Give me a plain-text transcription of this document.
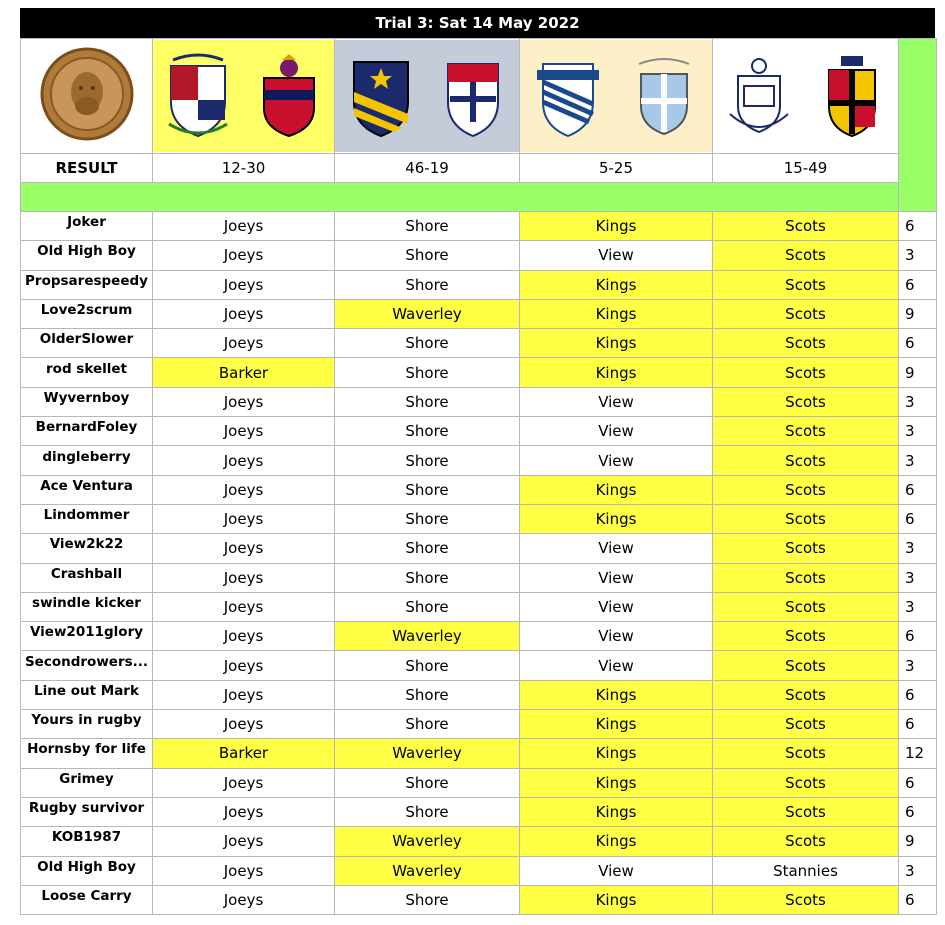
Trial 3: Sat 14 May 2022

RESULT	12-30	46-19	5-25	15-49	

Joker	Joeys	Shore	Kings	Scots	6
Old High Boy	Joeys	Shore	View	Scots	3
Propsarespeedy	Joeys	Shore	Kings	Scots	6
Love2scrum	Joeys	Waverley	Kings	Scots	9
OlderSlower	Joeys	Shore	Kings	Scots	6
rod skellet	Barker	Shore	Kings	Scots	9
Wyvernboy	Joeys	Shore	View	Scots	3
BernardFoley	Joeys	Shore	View	Scots	3
dingleberry	Joeys	Shore	View	Scots	3
Ace Ventura	Joeys	Shore	Kings	Scots	6
Lindommer	Joeys	Shore	Kings	Scots	6
View2k22	Joeys	Shore	View	Scots	3
Crashball	Joeys	Shore	View	Scots	3
swindle kicker	Joeys	Shore	View	Scots	3
View2011glory	Joeys	Waverley	View	Scots	6
Secondrowers...	Joeys	Shore	View	Scots	3
Line out Mark	Joeys	Shore	Kings	Scots	6
Yours in rugby	Joeys	Shore	Kings	Scots	6
Hornsby for life	Barker	Waverley	Kings	Scots	12
Grimey	Joeys	Shore	Kings	Scots	6
Rugby survivor	Joeys	Shore	Kings	Scots	6
KOB1987	Joeys	Waverley	Kings	Scots	9
Old High Boy	Joeys	Waverley	View	Stannies	3
Loose Carry	Joeys	Shore	Kings	Scots	6
